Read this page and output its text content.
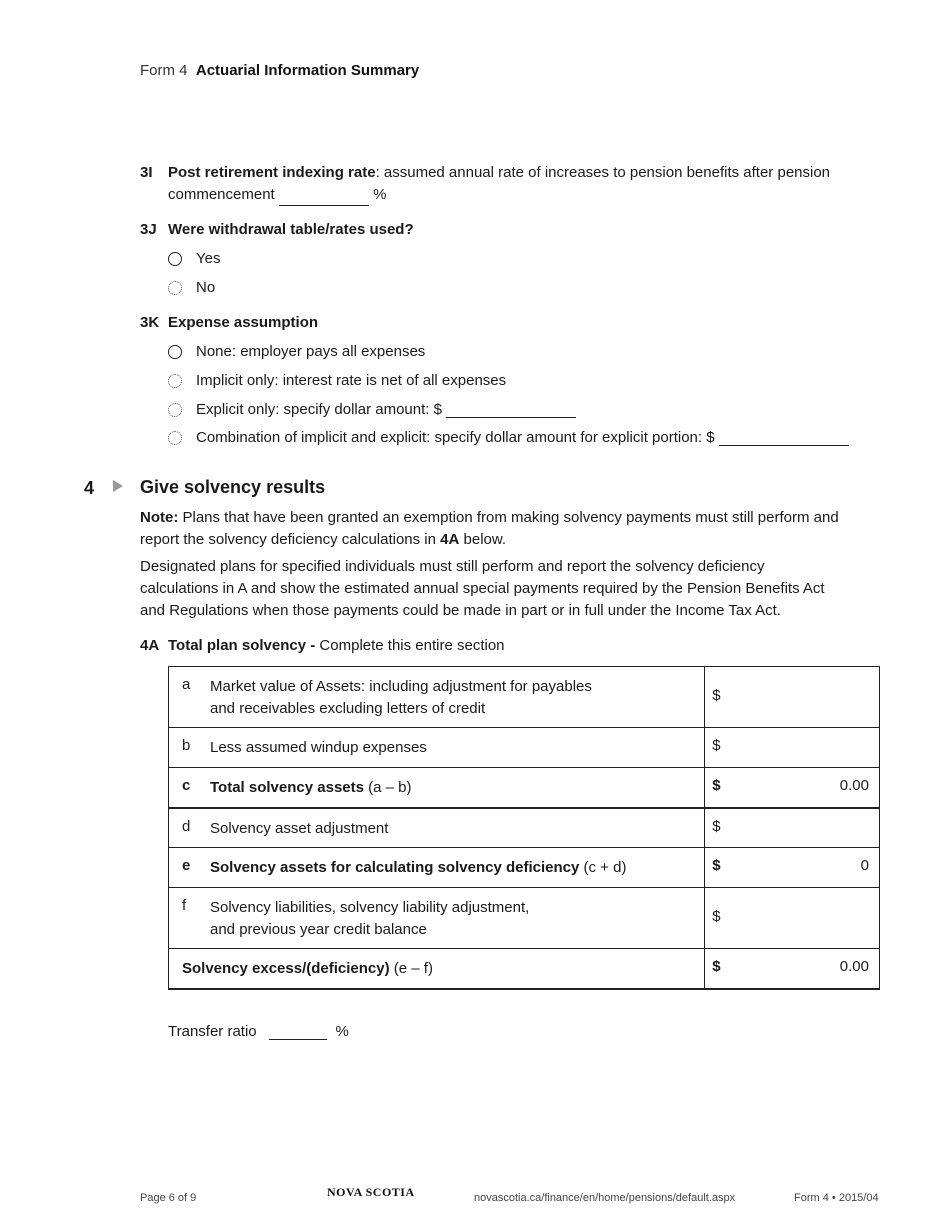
Form 4 Actuarial Information Summary
3I Post retirement indexing rate: assumed annual rate of increases to pension benefits after pension
commencement	%
3J Were withdrawal table/rates used?
Yes
No
3K Expense assumption
None: employer pays all expenses
Implicit only: interest rate is net of all expenses
Explicit only: specify dollar amount: $
Combination of implicit and explicit: specify dollar amount for explicit portion: $
4	Give solvency results
Note: Plans that have been granted an exemption from making solvency payments must still perform and
report the solvency deficiency calculations in 4A below.
Designated plans for specified individuals must still perform and report the solvency deficiency
calculations in A and show the estimated annual special payments required by the Pension Benefits Act
and Regulations when those payments could be made in part or in full under the Income Tax Act.
4A Total plan solvency - Complete this entire section
a Market value of Assets: including adjustment for payables
and receivables excluding letters of credit	$

b Less assumed windup expenses	$

c Total solvency assets (a – b)	$ 0.00

d Solvency asset adjustment	$

e Solvency assets for calculating solvency deficiency (c + d)	$ 0

f Solvency liabilities, solvency liability adjustment,
and previous year credit balance	$

Solvency excess/(deficiency) (e – f)	$ 0.00
Transfer ratio	%
Page 6 of 9	NOVA SCOTIA	novascotia.ca/finance/en/home/pensions/default.aspx	Form 4 • 2015/04
